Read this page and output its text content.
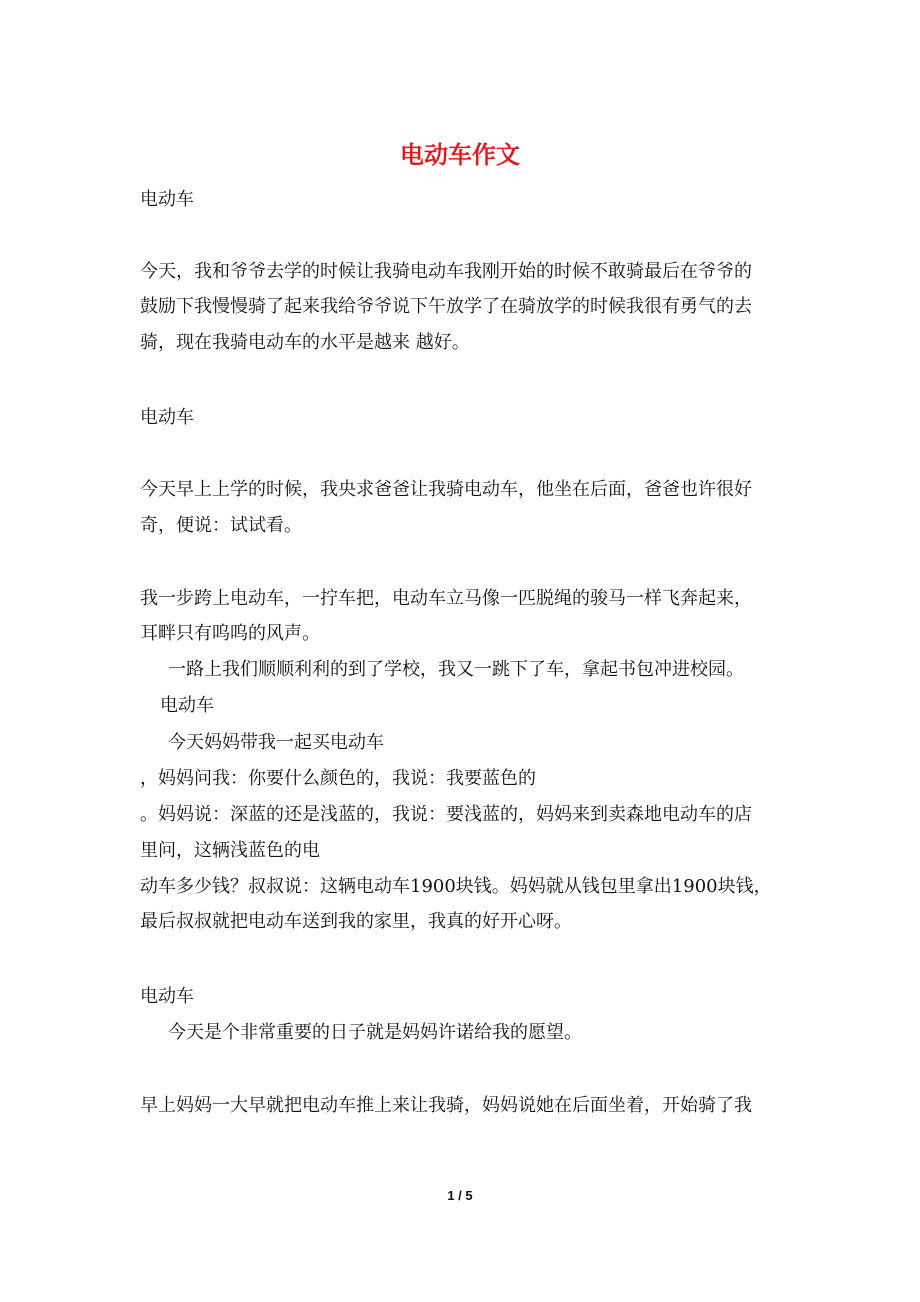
电动车作文
电动车
今天，我和爷爷去学的时候让我骑电动车我刚开始的时候不敢骑最后在爷爷的
鼓励下我慢慢骑了起来我给爷爷说下午放学了在骑放学的时候我很有勇气的去
骑，现在我骑电动车的水平是越来 越好。
电动车
今天早上上学的时候，我央求爸爸让我骑电动车，他坐在后面，爸爸也许很好
奇，便说：试试看。
我一步跨上电动车，一拧车把，电动车立马像一匹脱绳的骏马一样飞奔起来，
耳畔只有呜呜的风声。
一路上我们顺顺利利的到了学校，我又一跳下了车，拿起书包冲进校园。
电动车
今天妈妈带我一起买电动车
，妈妈问我：你要什么颜色的，我说：我要蓝色的
。妈妈说：深蓝的还是浅蓝的，我说：要浅蓝的，妈妈来到卖森地电动车的店
里问，这辆浅蓝色的电
动车多少钱？叔叔说：这辆电动车1900块钱。妈妈就从钱包里拿出1900块钱，
最后叔叔就把电动车送到我的家里，我真的好开心呀。
电动车
今天是个非常重要的日子就是妈妈许诺给我的愿望。
早上妈妈一大早就把电动车推上来让我骑，妈妈说她在后面坐着，开始骑了我
1 / 5
